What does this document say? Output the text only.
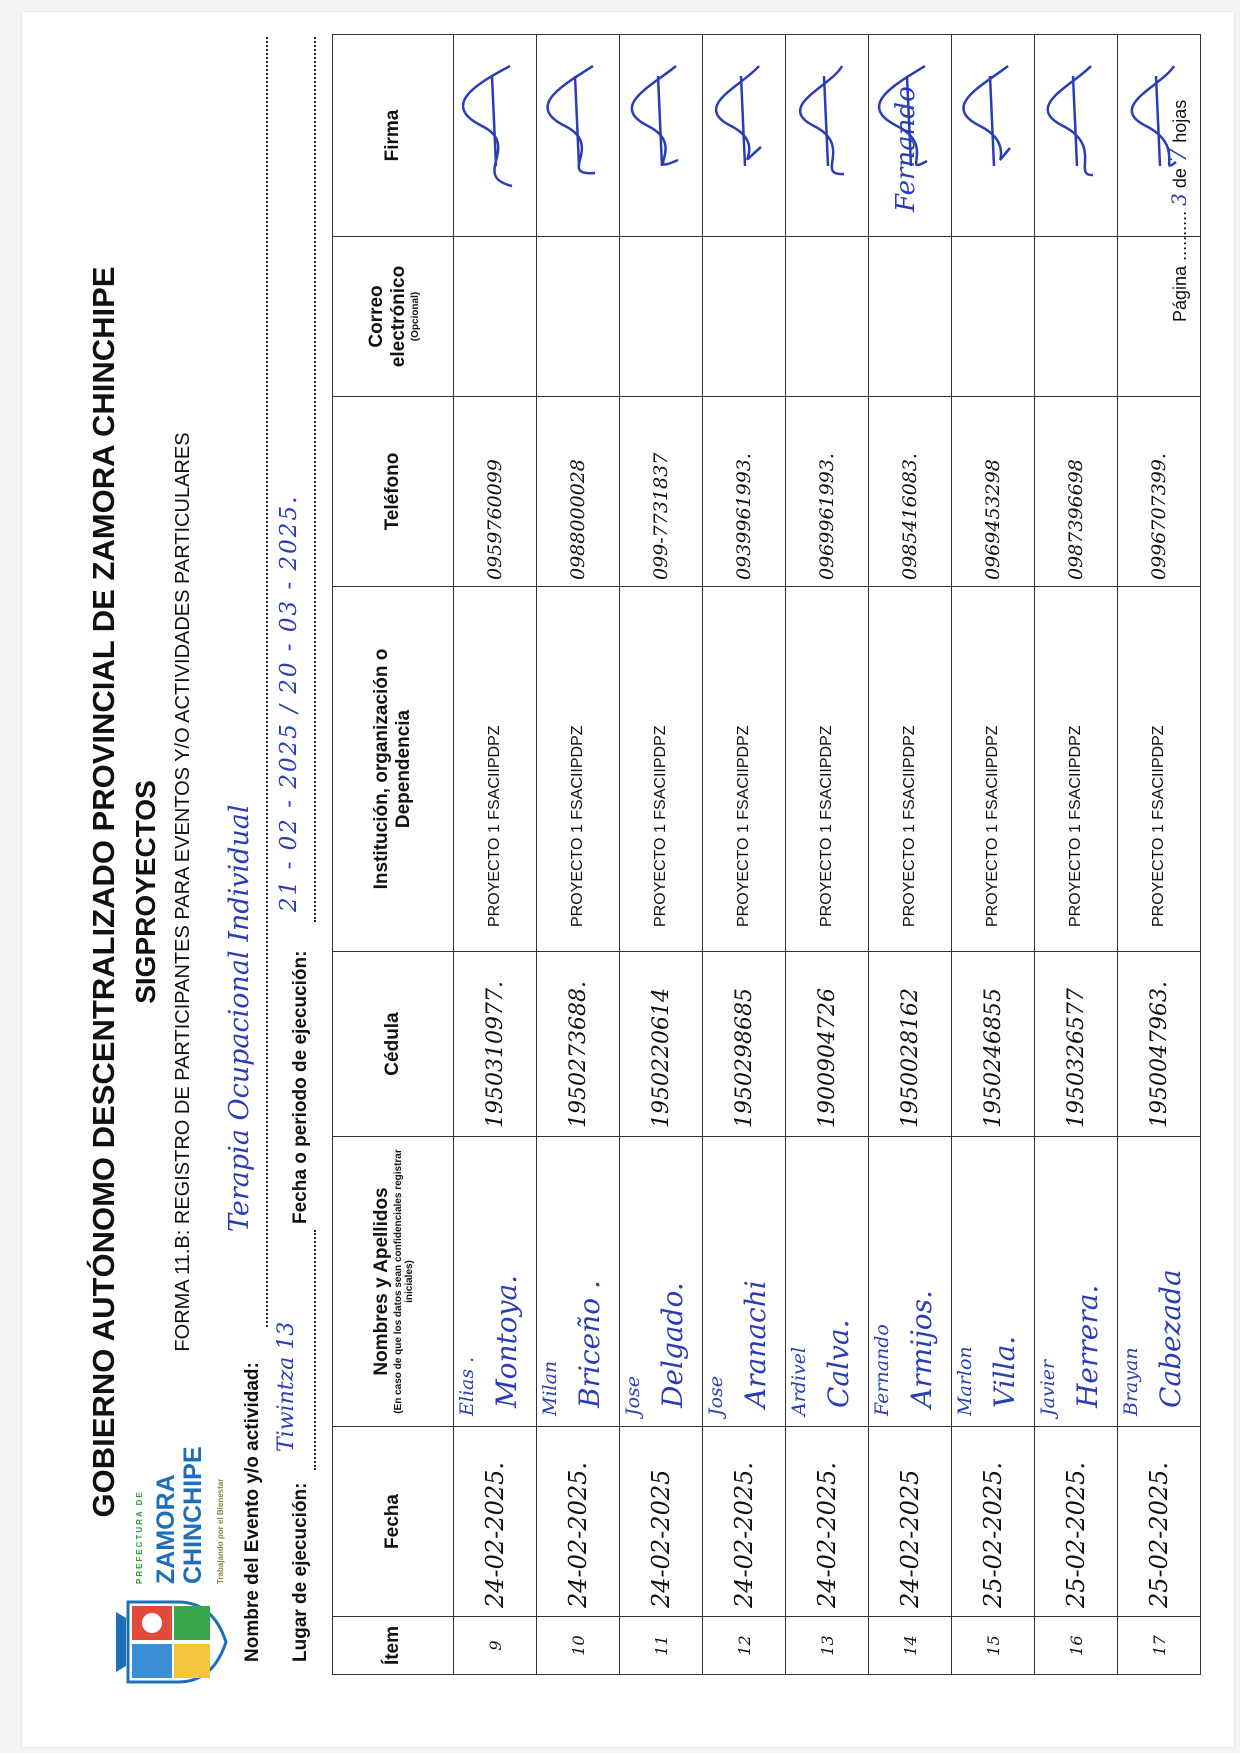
PREFECTURA DE ZAMORA CHINCHIPE	Trabajando por el Bienestar
GOBIERNO AUTÓNOMO DESCENTRALIZADO PROVINCIAL DE ZAMORA CHINCHIPE SIGPROYECTOS FORMA 11.B: REGISTRO DE PARTICIPANTES PARA EVENTOS Y/O ACTIVIDADES PARTICULARES
Nombre del Evento y/o actividad:
Terapia Ocupacional Individual
Lugar de ejecución:
Tiwintza 13
Fecha o periodo de ejecución:
21 - 02 - 2025 / 20 - 03 - 2025.
Ítem	Fecha	Nombres y Apellidos (En caso de que los datos sean confidenciales registrar iniciales)	Cédula	Institución, organización o Dependencia	Teléfono	Correo electrónico (Opcional)	Firma
9	24-02-2025.	Elias . Montoya.	1950310977.	PROYECTO 1 FSACIIPDPZ	0959760099		

10	24-02-2025.	Milan Briceño .	1950273688.	PROYECTO 1 FSACIIPDPZ	0988000028		

11	24-02-2025	Jose Delgado.	1950220614	PROYECTO 1 FSACIIPDPZ	099-7731837		

12	24-02-2025.	Jose Aranachi	1950298685	PROYECTO 1 FSACIIPDPZ	0939961993.		

13	24-02-2025.	Ardivel Calva.	1900904726	PROYECTO 1 FSACIIPDPZ	0969961993.		

14	24-02-2025	Fernando Armijos.	1950028162	PROYECTO 1 FSACIIPDPZ	0985416083.		Fernando

15	25-02-2025.	Marlon Villa.	1950246855	PROYECTO 1 FSACIIPDPZ	0969453298		

16	25-02-2025.	Javier Herrera.	1950326577	PROYECTO 1 FSACIIPDPZ	0987396698		

17	25-02-2025.	Brayan Cabezada	1950047963.	PROYECTO 1 FSACIIPDPZ	0996707399.		
Página .......... 3 de 7 hojas
